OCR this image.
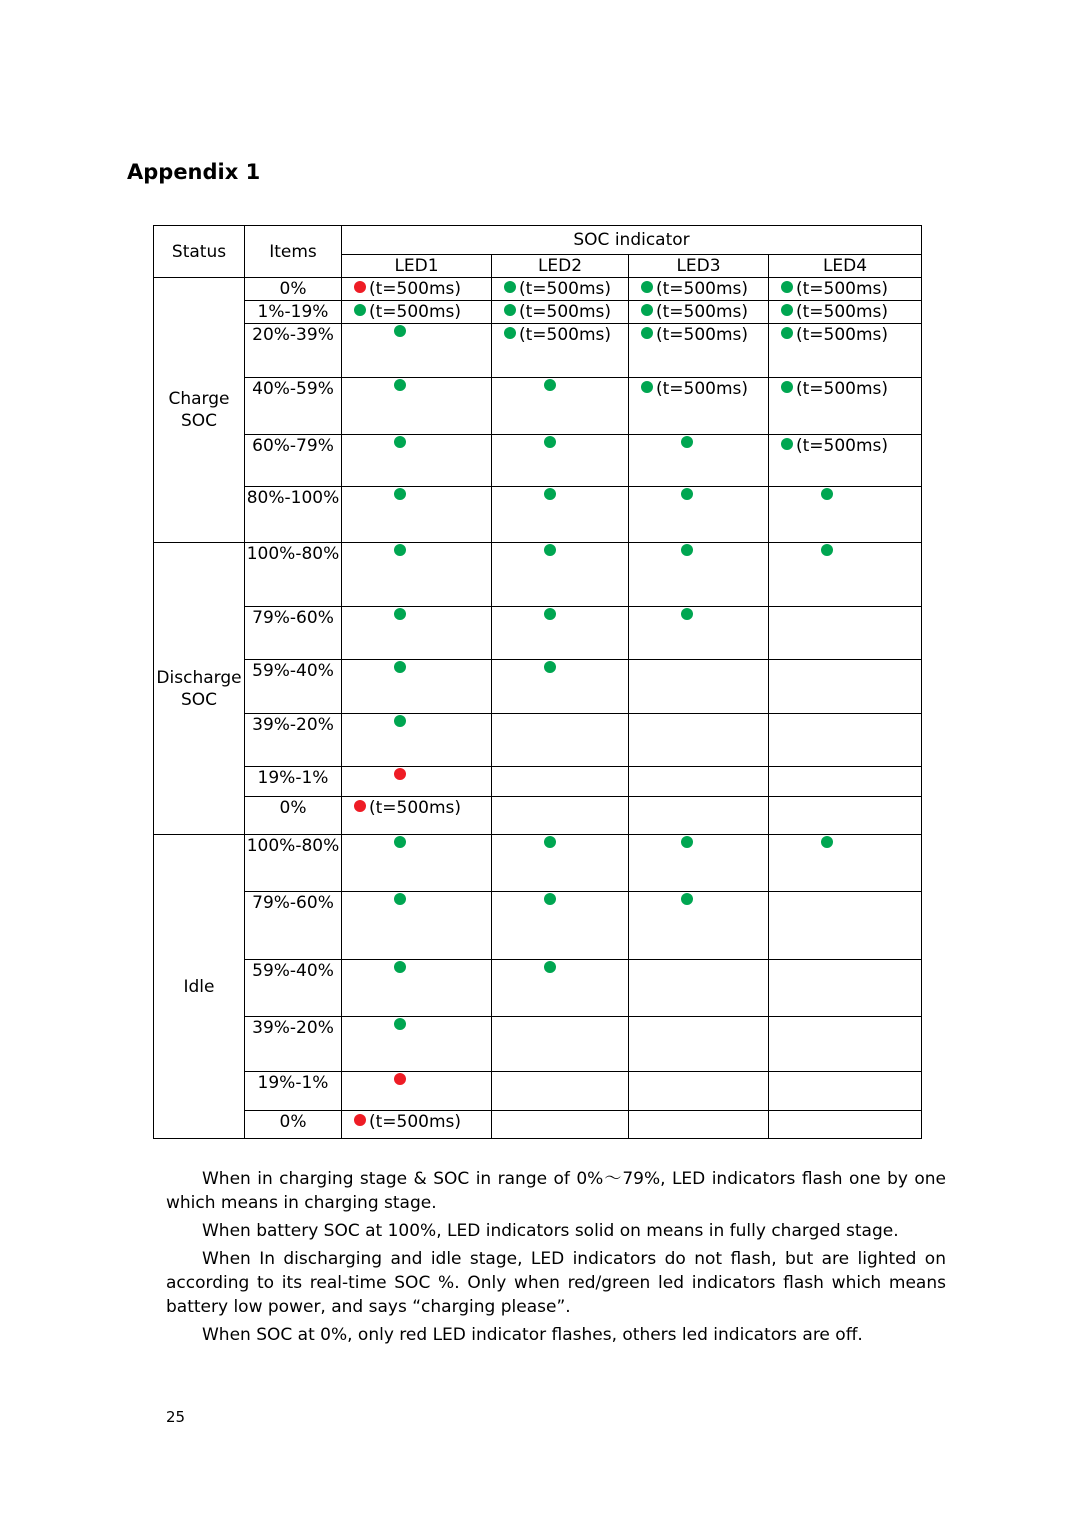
Appendix 1
Status	Items	SOC indicator			
		LED1	LED2	LED3	LED4
Charge SOC	0%	(t=500ms)	(t=500ms)	(t=500ms)	(t=500ms)
	1%-19%	(t=500ms)	(t=500ms)	(t=500ms)	(t=500ms)
	20%-39%		(t=500ms)	(t=500ms)	(t=500ms)
	40%-59%			(t=500ms)	(t=500ms)
	60%-79%				(t=500ms)
	80%-100%	

Discharge SOC	100%-80%	

	79%-60%	

	59%-40%	

	39%-20%	

	19%-1%	

	0%	(t=500ms)			
Idle	100%-80%	

	79%-60%	

	59%-40%	

	39%-20%	

	19%-1%	

	0%	(t=500ms)			

When in charging stage & SOC in range of 0%～79%, LED indicators flash one by one which means in charging stage.

When battery SOC at 100%, LED indicators solid on means in fully charged stage.

When In discharging and idle stage, LED indicators do not flash, but are lighted on according to its real-time SOC %. Only when red/green led indicators flash which means battery low power, and says “charging please”.

When SOC at 0%, only red LED indicator flashes, others led indicators are off.

25
